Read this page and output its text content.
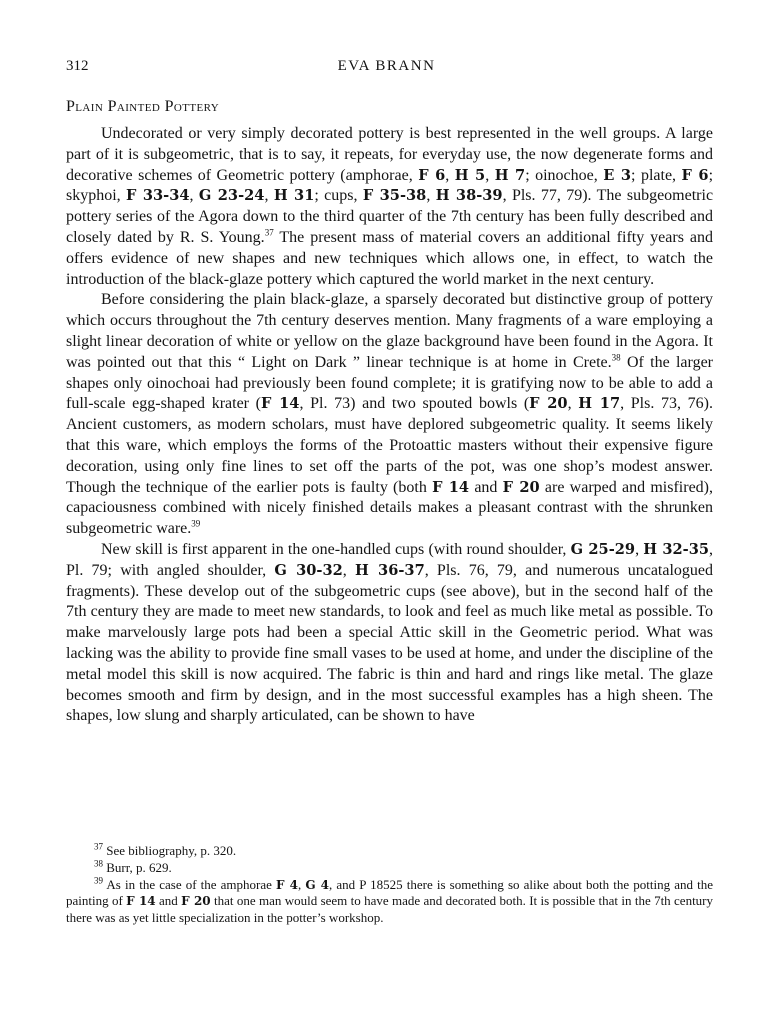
312	EVA BRANN
Plain Painted Pottery

Undecorated or very simply decorated pottery is best represented in the well groups. A large part of it is subgeometric, that is to say, it repeats, for everyday use, the now degenerate forms and decorative schemes of Geometric pottery (amphorae, F 6, H 5, H 7; oinochoe, E 3; plate, F 6; skyphoi, F 33-34, G 23-24, H 31; cups, F 35-38, H 38-39, Pls. 77, 79). The subgeometric pottery series of the Agora down to the third quarter of the 7th century has been fully described and closely dated by R. S. Young.$^{37}$ The present mass of material covers an additional fifty years and offers evidence of new shapes and new techniques which allows one, in effect, to watch the introduction of the black-glaze pottery which captured the world market in the next century.

Before considering the plain black-glaze, a sparsely decorated but distinctive group of pottery which occurs throughout the 7th century deserves mention. Many fragments of a ware employing a slight linear decoration of white or yellow on the glaze background have been found in the Agora. It was pointed out that this “ Light on Dark ” linear technique is at home in Crete.$^{38}$ Of the larger shapes only oinochoai had previously been found complete; it is gratifying now to be able to add a full-scale egg-shaped krater (F 14, Pl. 73) and two spouted bowls (F 20, H 17, Pls. 73, 76). Ancient customers, as modern scholars, must have deplored subgeometric quality. It seems likely that this ware, which employs the forms of the Protoattic masters without their expensive figure decoration, using only fine lines to set off the parts of the pot, was one shop’s modest answer. Though the technique of the earlier pots is faulty (both F 14 and F 20 are warped and misfired), capaciousness combined with nicely finished details makes a pleasant contrast with the shrunken subgeometric ware.$^{39}$

New skill is first apparent in the one-handled cups (with round shoulder, G 25-29, H 32-35, Pl. 79; with angled shoulder, G 30-32, H 36-37, Pls. 76, 79, and numerous uncatalogued fragments). These develop out of the subgeometric cups (see above), but in the second half of the 7th century they are made to meet new standards, to look and feel as much like metal as possible. To make marvelously large pots had been a special Attic skill in the Geometric period. What was lacking was the ability to provide fine small vases to be used at home, and under the discipline of the metal model this skill is now acquired. The fabric is thin and hard and rings like metal. The glaze becomes smooth and firm by design, and in the most successful examples has a high sheen. The shapes, low slung and sharply articulated, can be shown to have

$^{37}$ See bibliography, p. 320.

$^{38}$ Burr, p. 629.

$^{39}$ As in the case of the amphorae F 4, G 4, and P 18525 there is something so alike about both the potting and the painting of F 14 and F 20 that one man would seem to have made and decorated both. It is possible that in the 7th century there was as yet little specialization in the potter’s workshop.
